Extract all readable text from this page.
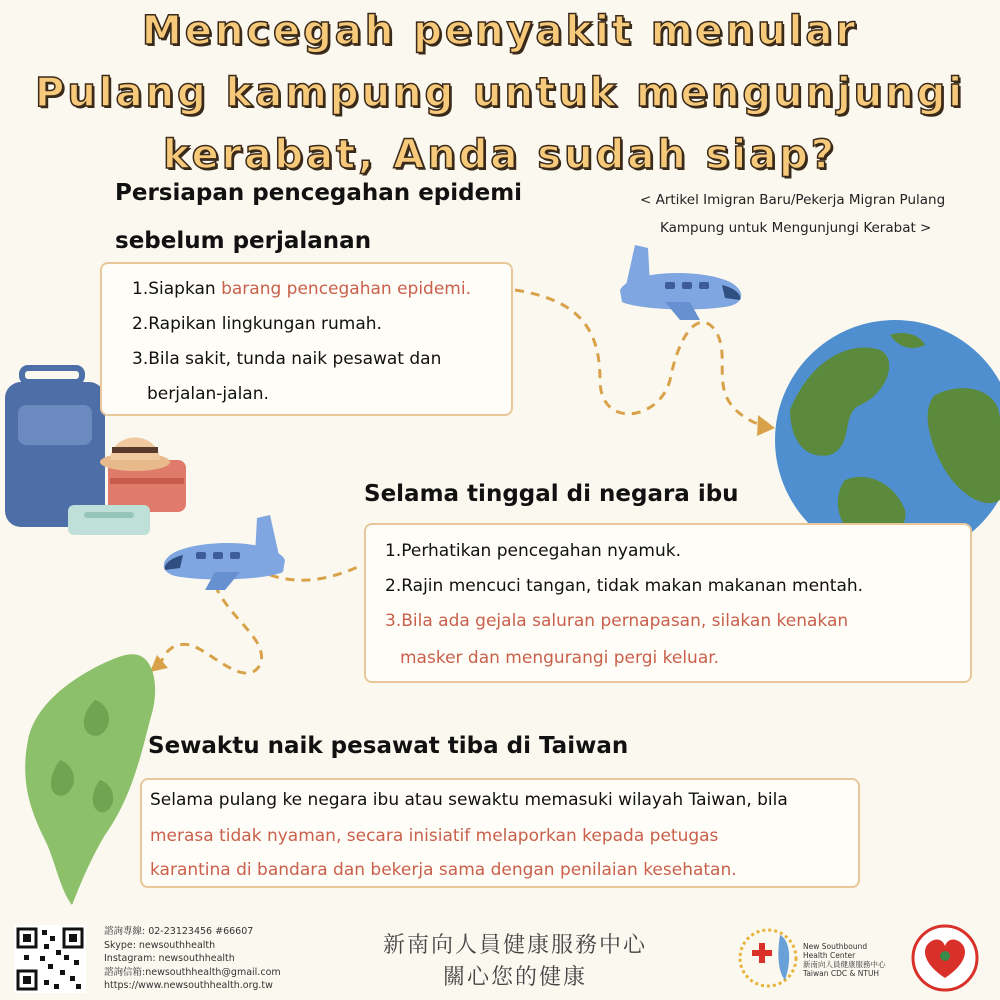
Mencegah penyakit menular
Pulang kampung untuk mengunjungi
kerabat, Anda sudah siap?
< Artikel Imigran Baru/Pekerja Migran Pulang
Kampung untuk Mengunjungi Kerabat >
Persiapan pencegahan epidemi
sebelum perjalanan
1.Siapkan barang pencegahan epidemi.
2.Rapikan lingkungan rumah.
3.Bila sakit, tunda naik pesawat dan
berjalan-jalan.
Selama tinggal di negara ibu
1.Perhatikan pencegahan nyamuk.
2.Rajin mencuci tangan, tidak makan makanan mentah.
3.Bila ada gejala saluran pernapasan, silakan kenakan
masker dan mengurangi pergi keluar.
Sewaktu naik pesawat tiba di Taiwan
Selama pulang ke negara ibu atau sewaktu memasuki wilayah Taiwan, bila
merasa tidak nyaman, secara inisiatif melaporkan kepada petugas
karantina di bandara dan bekerja sama dengan penilaian kesehatan.
諮詢專線: 02-23123456 #66607
Skype: newsouthhealth
Instagram: newsouthhealth
諮詢信箱:newsouthhealth@gmail.com
https://www.newsouthhealth.org.tw
新南向人員健康服務中心
關心您的健康
New Southbound
Health Center
新南向人員健康服務中心
Taiwan CDC & NTUH
